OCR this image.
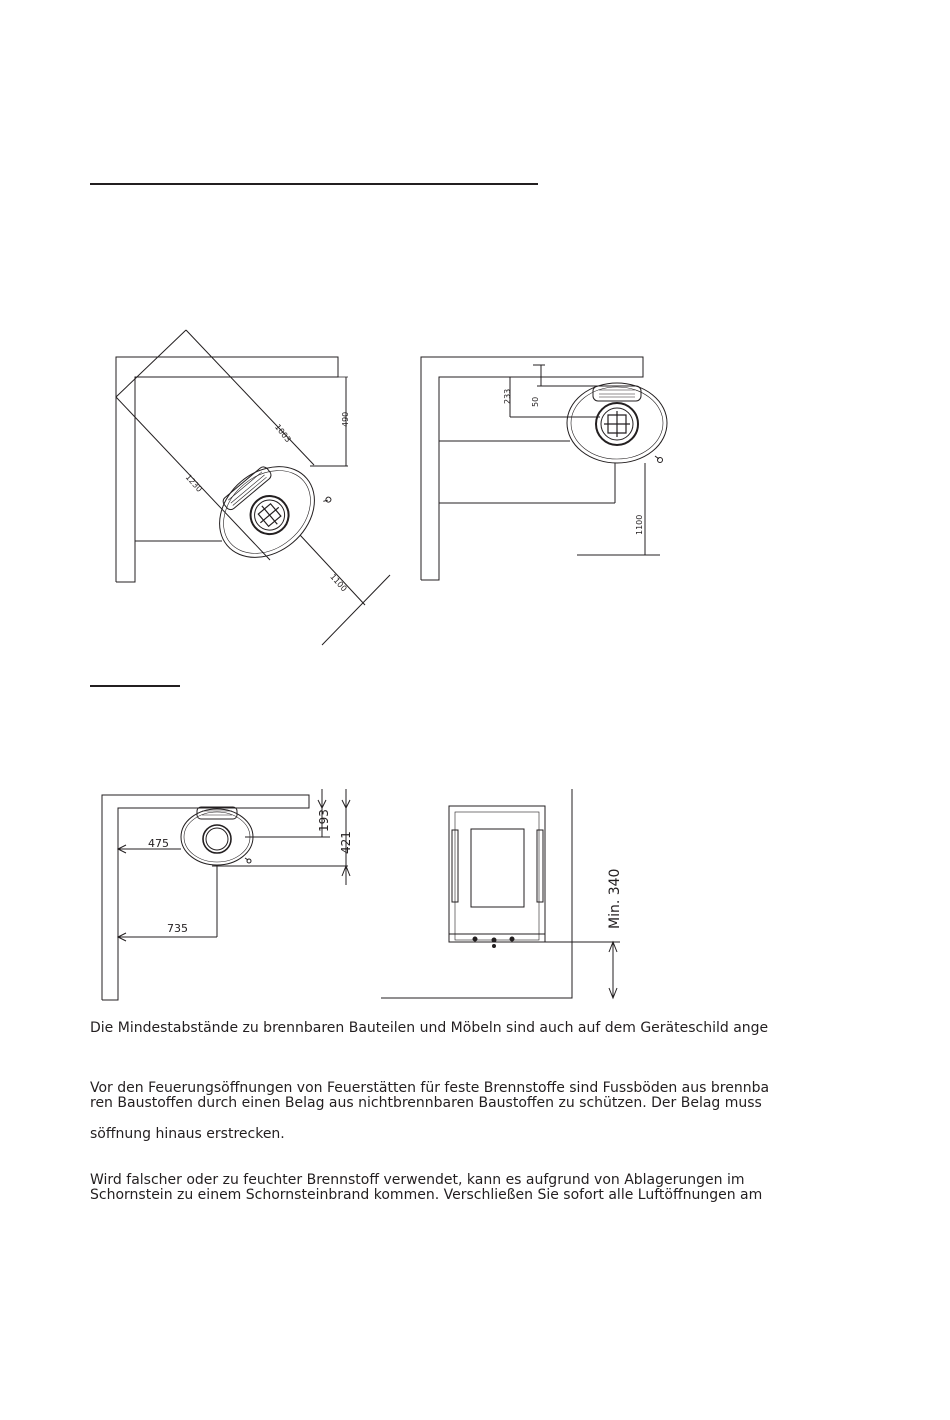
1003
490
1230
1100
233 50
1100
475
735
193
421
Min. 340
Die Mindestabstände zu brennbaren Bauteilen und Möbeln sind auch auf dem Geräteschild ange
Vor den Feuerungsöffnungen von Feuerstätten für feste Brennstoffe sind Fussböden aus brennba
ren Baustoffen durch einen Belag aus nichtbrennbaren Baustoffen zu schützen. Der Belag muss
söffnung hinaus erstrecken.
Wird falscher oder zu feuchter Brennstoff verwendet, kann es aufgrund von Ablagerungen im
Schornstein zu einem Schornsteinbrand kommen. Verschließen Sie sofort alle Luftöffnungen am
